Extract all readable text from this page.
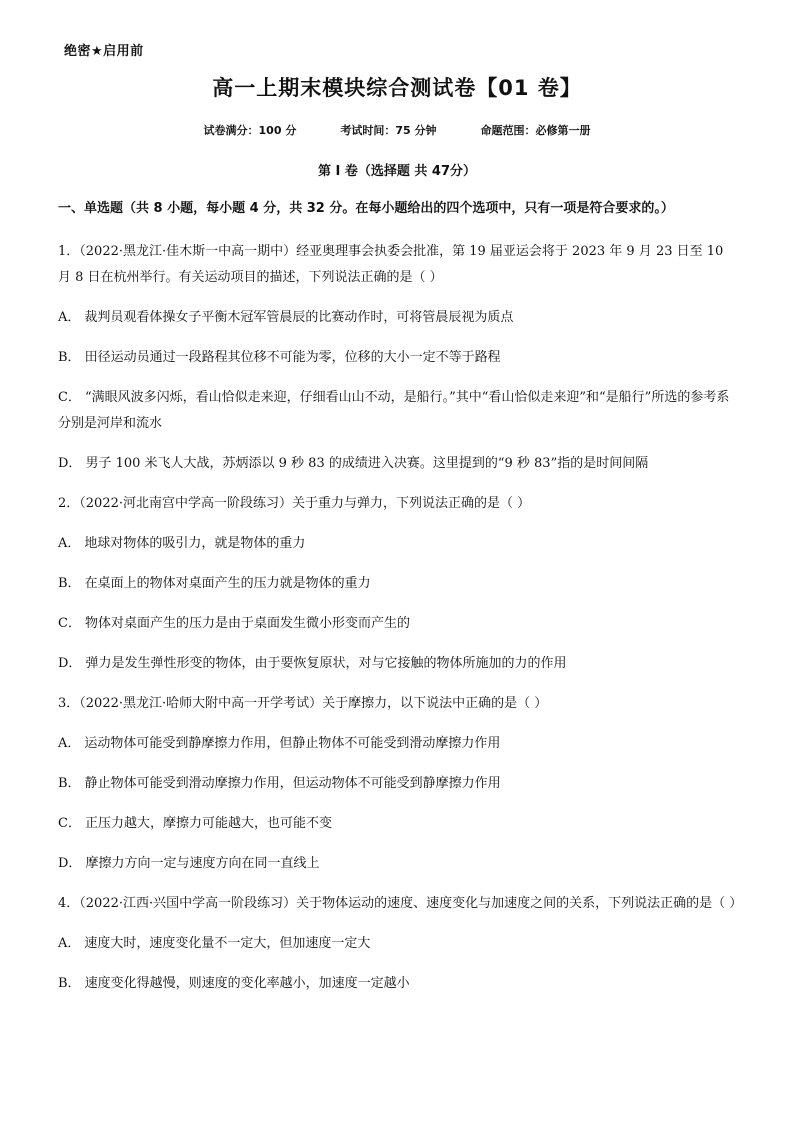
绝密★启用前
高一上期末模块综合测试卷【01 卷】
试卷满分：100 分	考试时间：75 分钟	命题范围：必修第一册
第 I 卷（选择题 共 47分）
一、单选题（共 8 小题，每小题 4 分，共 32 分。在每小题给出的四个选项中，只有一项是符合要求的。）
1．（2022·黑龙江·佳木斯一中高一期中）经亚奥理事会执委会批准，第 19 届亚运会将于 2023 年 9 月 23 日至 10 月 8 日在杭州举行。有关运动项目的描述，下列说法正确的是（ ）
A． 裁判员观看体操女子平衡木冠军管晨辰的比赛动作时，可将管晨辰视为质点
B． 田径运动员通过一段路程其位移不可能为零，位移的大小一定不等于路程
C． “满眼风波多闪烁，看山恰似走来迎，仔细看山山不动，是船行。”其中“看山恰似走来迎”和“是船行”所选的参考系分别是河岸和流水
D． 男子 100 米飞人大战，苏炳添以 9 秒 83 的成绩进入决赛。这里提到的“9 秒 83”指的是时间间隔
2．（2022·河北南宫中学高一阶段练习）关于重力与弹力，下列说法正确的是（ ）
A． 地球对物体的吸引力，就是物体的重力
B． 在桌面上的物体对桌面产生的压力就是物体的重力
C． 物体对桌面产生的压力是由于桌面发生微小形变而产生的
D． 弹力是发生弹性形变的物体，由于要恢复原状，对与它接触的物体所施加的力的作用
3．（2022·黑龙江·哈师大附中高一开学考试）关于摩擦力，以下说法中正确的是（ ）
A． 运动物体可能受到静摩擦力作用，但静止物体不可能受到滑动摩擦力作用
B． 静止物体可能受到滑动摩擦力作用，但运动物体不可能受到静摩擦力作用
C． 正压力越大，摩擦力可能越大，也可能不变
D． 摩擦力方向一定与速度方向在同一直线上
4．（2022·江西·兴国中学高一阶段练习）关于物体运动的速度、速度变化与加速度之间的关系，下列说法正确的是（ ）
A． 速度大时，速度变化量不一定大，但加速度一定大
B． 速度变化得越慢，则速度的变化率越小，加速度一定越小
